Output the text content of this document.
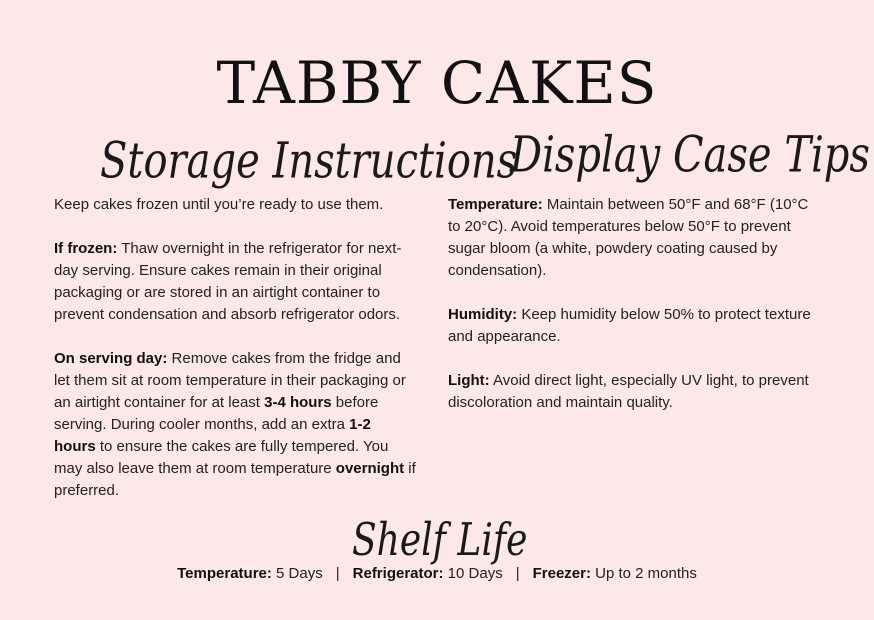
TABBY CAKES
Storage Instructions
Display Case Tips

Keep cakes frozen until you’re ready to use them.

If frozen: Thaw overnight in the refrigerator for next-day serving. Ensure cakes remain in their original packaging or are stored in an airtight container to prevent condensation and absorb refrigerator odors.

On serving day: Remove cakes from the fridge and let them sit at room temperature in their packaging or an airtight container for at least 3-4 hours before serving. During cooler months, add an extra 1-2 hours to ensure the cakes are fully tempered. You may also leave them at room temperature overnight if preferred.

Temperature: Maintain between 50°F and 68°F (10°C to 20°C). Avoid temperatures below 50°F to prevent sugar bloom (a white, powdery coating caused by condensation).

Humidity: Keep humidity below 50% to protect texture and appearance.

Light: Avoid direct light, especially UV light, to prevent discoloration and maintain quality.

Shelf Life
Temperature: 5 Days | Refrigerator: 10 Days | Freezer: Up to 2 months
